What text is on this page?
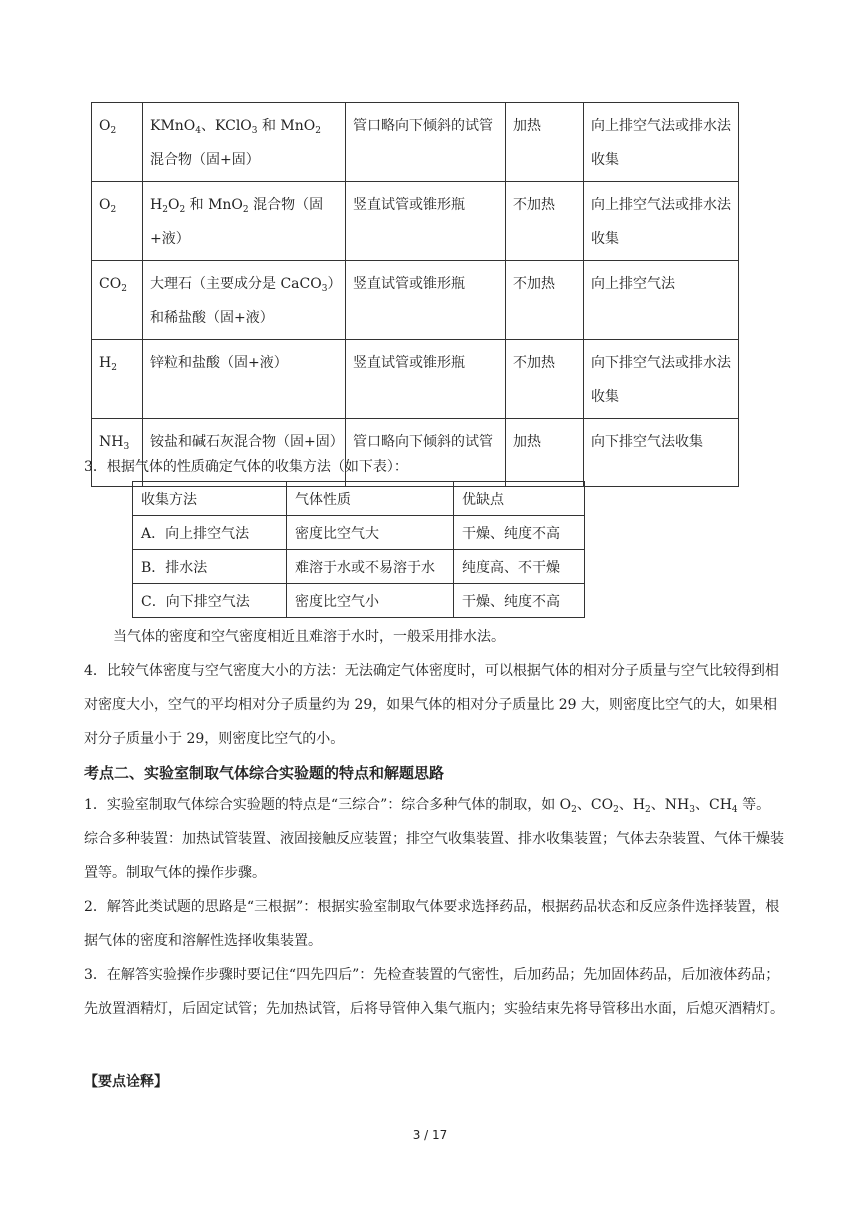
$O_2$	KMnO$_4$、KClO$_3$ 和 MnO$_2$ 混合物（固+固）	管口略向下倾斜的试管	加热	向上排空气法或排水法收集
$O_2$	$H_2O_2$ 和 MnO$_2$ 混合物（固+液）	竖直试管或锥形瓶	不加热	向上排空气法或排水法收集
$CO_2$	大理石（主要成分是 CaCO$_3$）和稀盐酸（固+液）	竖直试管或锥形瓶	不加热	向上排空气法
$H_2$	锌粒和盐酸（固+液）	竖直试管或锥形瓶	不加热	向下排空气法或排水法收集
$NH_3$	铵盐和碱石灰混合物（固+固）	管口略向下倾斜的试管	加热	向下排空气法收集
3．根据气体的性质确定气体的收集方法（如下表）：
收集方法	气体性质	优缺点
A．向上排空气法	密度比空气大	干燥、纯度不高
B．排水法	难溶于水或不易溶于水	纯度高、不干燥
C．向下排空气法	密度比空气小	干燥、纯度不高
当气体的密度和空气密度相近且难溶于水时，一般采用排水法。
4．比较气体密度与空气密度大小的方法：无法确定气体密度时，可以根据气体的相对分子质量与空气比较得到相对密度大小，空气的平均相对分子质量约为 29，如果气体的相对分子质量比 29 大，则密度比空气的大，如果相对分子质量小于 29，则密度比空气的小。
考点二、实验室制取气体综合实验题的特点和解题思路
1．实验室制取气体综合实验题的特点是“三综合”：综合多种气体的制取，如 $O_2$、$CO_2$、$H_2$、$NH_3$、$CH_4$ 等。综合多种装置：加热试管装置、液固接触反应装置；排空气收集装置、排水收集装置；气体去杂装置、气体干燥装置等。制取气体的操作步骤。
2．解答此类试题的思路是“三根据”：根据实验室制取气体要求选择药品，根据药品状态和反应条件选择装置，根据气体的密度和溶解性选择收集装置。
3．在解答实验操作步骤时要记住“四先四后”：先检查装置的气密性，后加药品；先加固体药品，后加液体药品；先放置酒精灯，后固定试管；先加热试管，后将导管伸入集气瓶内；实验结束先将导管移出水面，后熄灭酒精灯。
【要点诠释】
3 / 17
